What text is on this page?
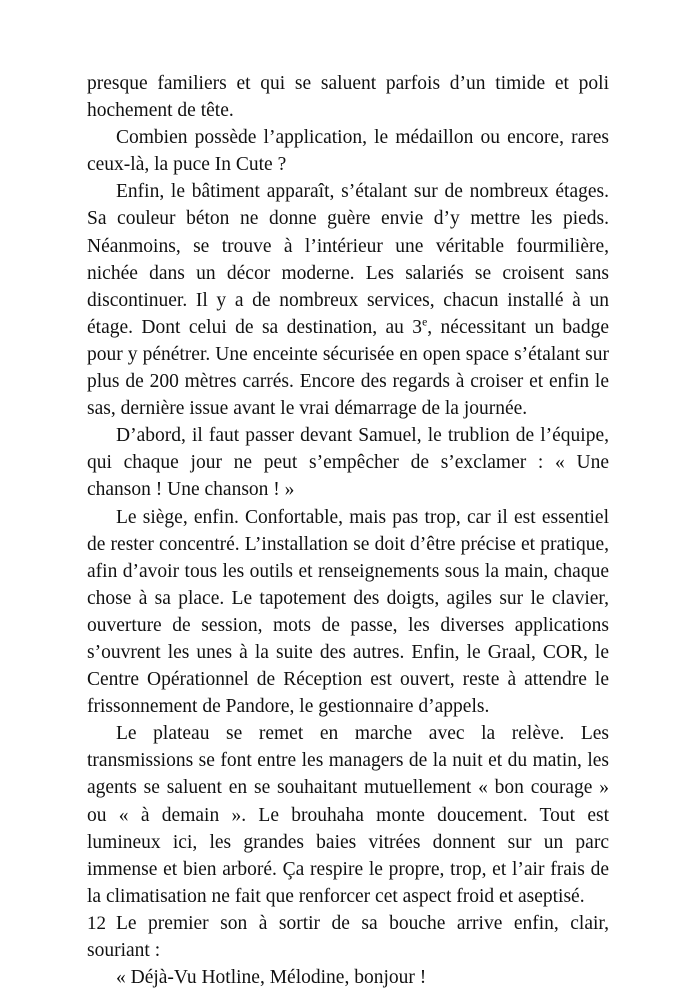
presque familiers et qui se saluent parfois d’un timide et poli hochement de tête.

Combien possède l’application, le médaillon ou encore, rares ceux-là, la puce In Cute ?

Enfin, le bâtiment apparaît, s’étalant sur de nombreux étages. Sa couleur béton ne donne guère envie d’y mettre les pieds. Néanmoins, se trouve à l’intérieur une véritable fourmilière, nichée dans un décor moderne. Les salariés se croisent sans discontinuer. Il y a de nombreux services, chacun installé à un étage. Dont celui de sa destination, au 3e, nécessitant un badge pour y pénétrer. Une enceinte sécurisée en open space s’étalant sur plus de 200 mètres carrés. Encore des regards à croiser et enfin le sas, dernière issue avant le vrai démarrage de la journée.

D’abord, il faut passer devant Samuel, le trublion de l’équipe, qui chaque jour ne peut s’empêcher de s’exclamer : « Une chanson ! Une chanson ! »

Le siège, enfin. Confortable, mais pas trop, car il est essentiel de rester concentré. L’installation se doit d’être précise et pratique, afin d’avoir tous les outils et renseignements sous la main, chaque chose à sa place. Le tapotement des doigts, agiles sur le clavier, ouverture de session, mots de passe, les diverses applications s’ouvrent les unes à la suite des autres. Enfin, le Graal, COR, le Centre Opérationnel de Réception est ouvert, reste à attendre le frissonnement de Pandore, le gestionnaire d’appels.

Le plateau se remet en marche avec la relève. Les transmissions se font entre les managers de la nuit et du matin, les agents se saluent en se souhaitant mutuellement « bon courage » ou « à demain ». Le brouhaha monte doucement. Tout est lumineux ici, les grandes baies vitrées donnent sur un parc immense et bien arboré. Ça respire le propre, trop, et l’air frais de la climatisation ne fait que renforcer cet aspect froid et aseptisé.

Le premier son à sortir de sa bouche arrive enfin, clair, souriant :

« Déjà-Vu Hotline, Mélodine, bonjour !

12
